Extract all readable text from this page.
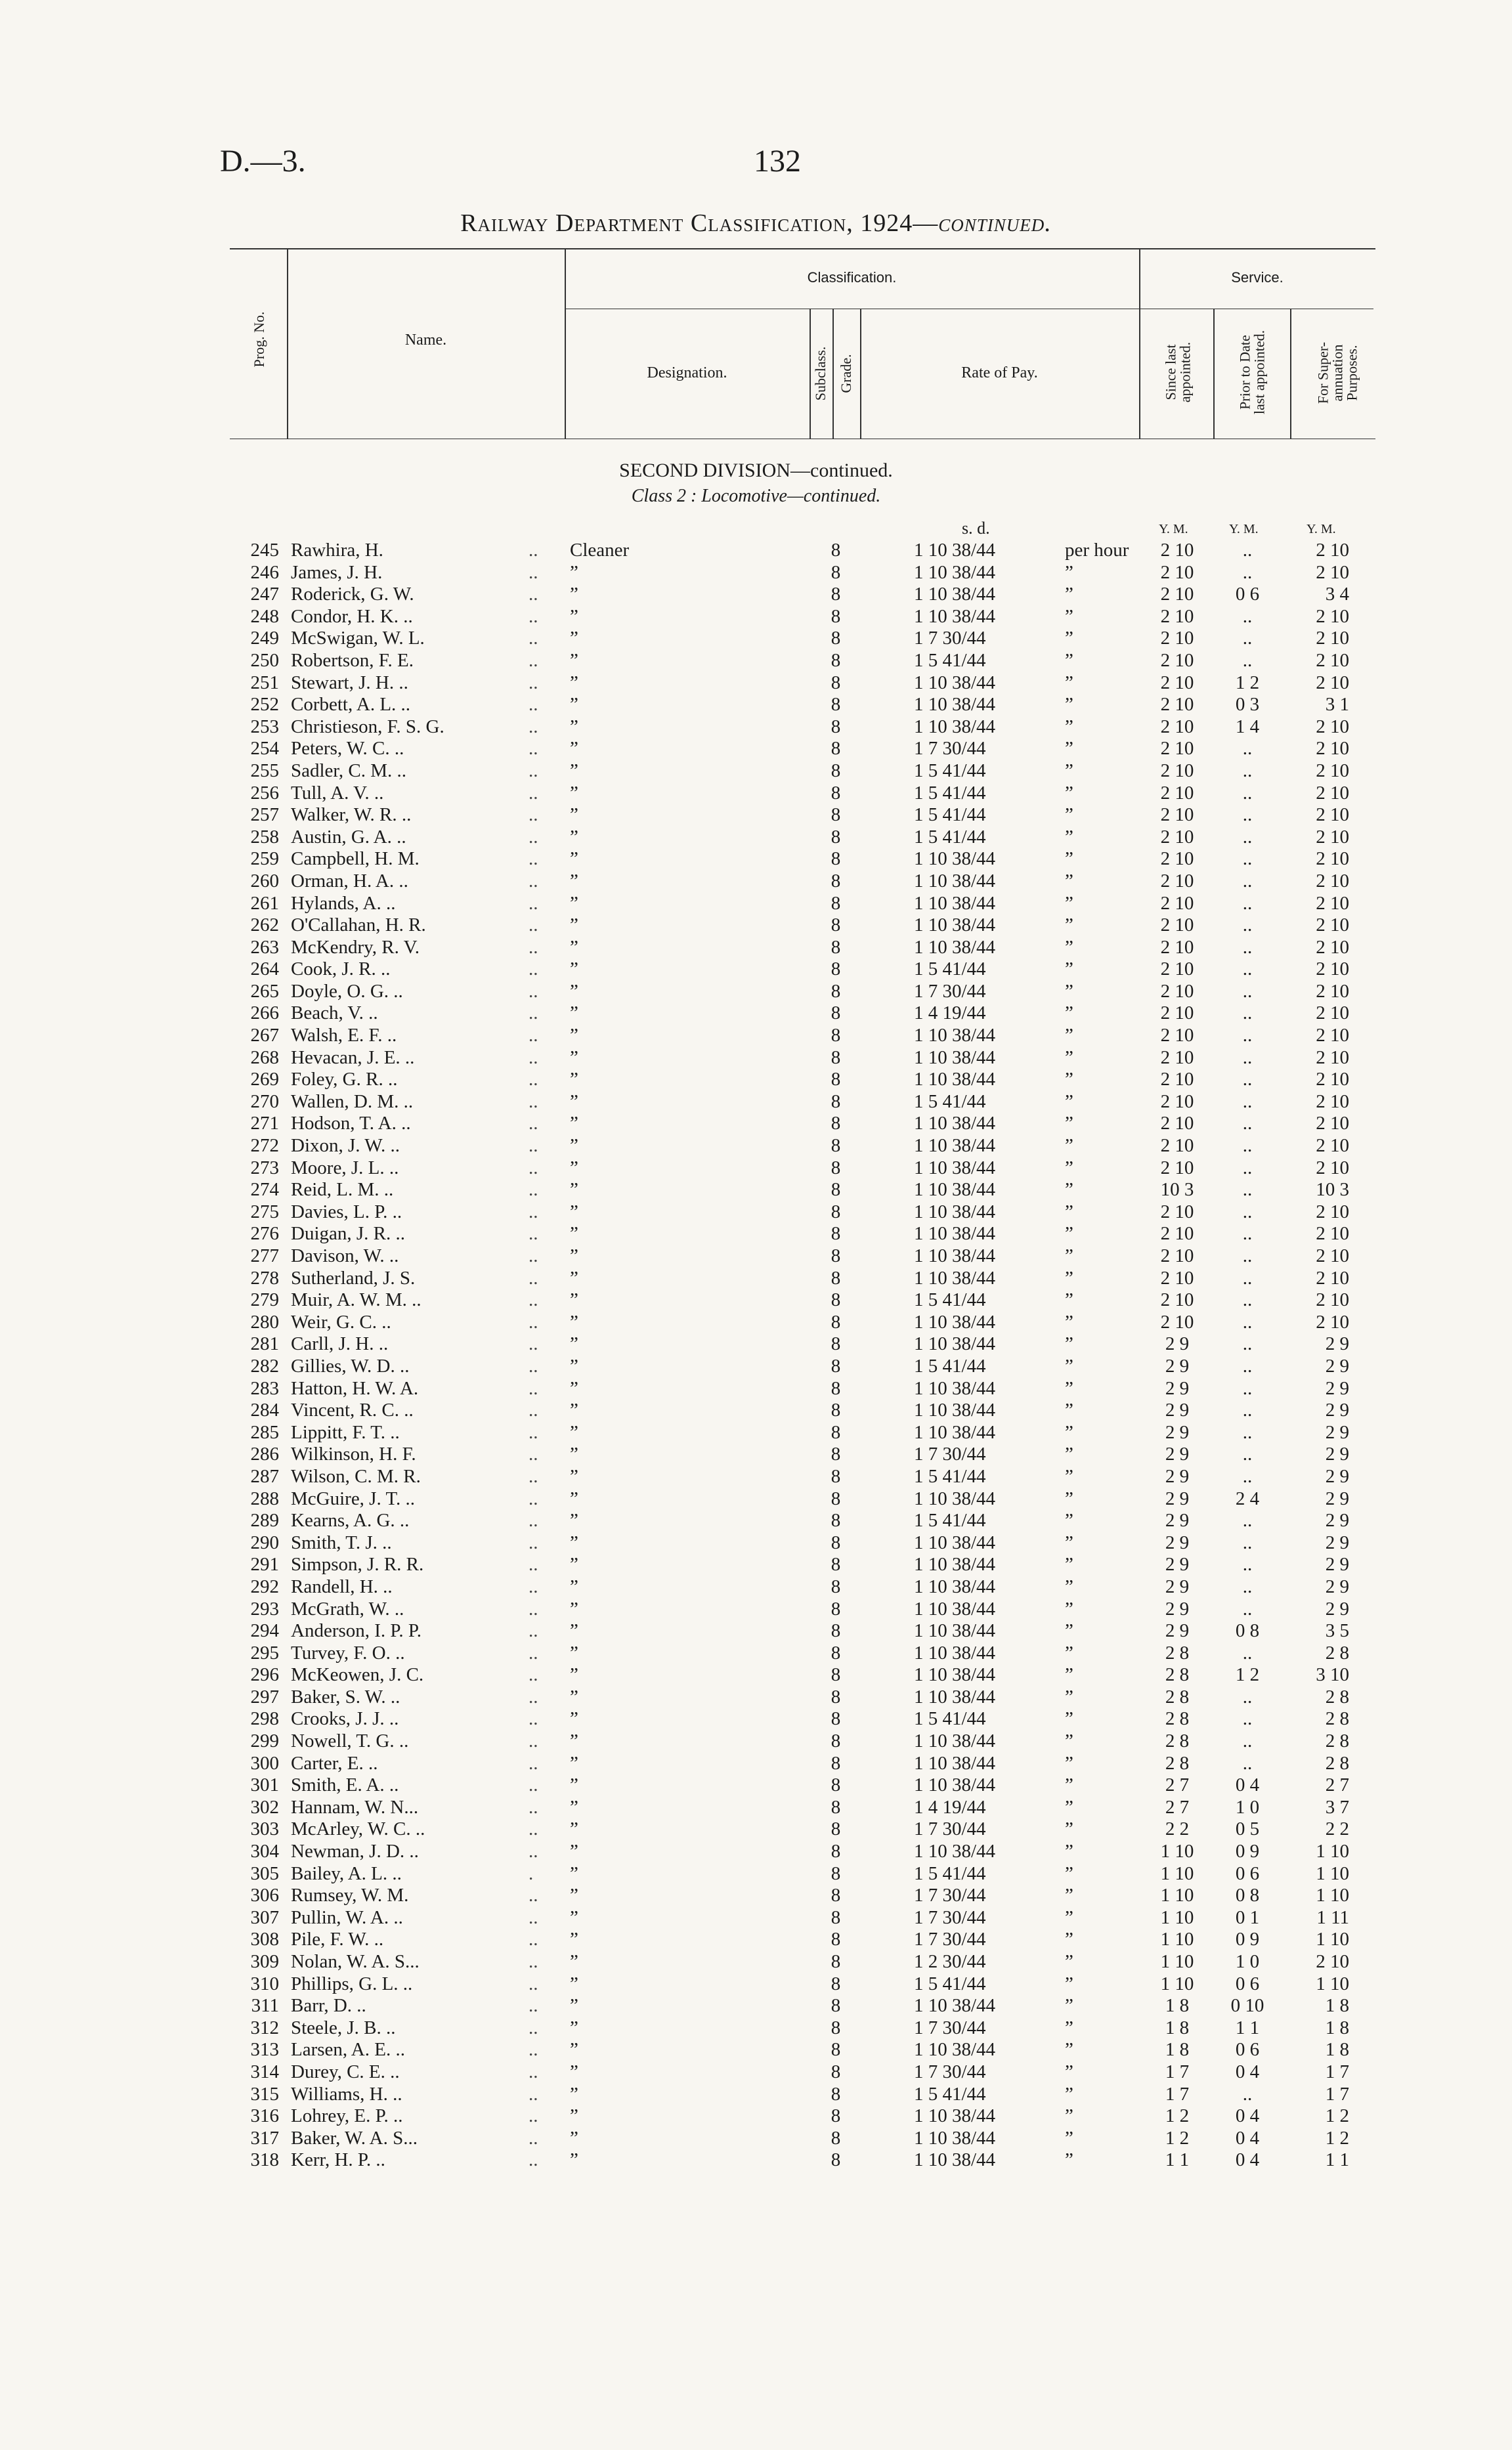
D.—3.	132
Railway Department Classification, 1924—continued.
Prog. No.	Name.
Classification.
Designation.	Subclass. Grade.	Rate of Pay.
Service.
Since last appointed.	Prior to Date last appointed.	For Super-annuation Purposes.
SECOND DIVISION—continued.
Class 2 : Locomotive—continued.
s. d.	Y. M.	Y. M.	Y. M.
245 Rawhira, H.	..	Cleaner	8	1 10 38/44	per hour	2 10	..	2 10
246 James, J. H.	..	”	8	1 10 38/44	”	2 10	..	2 10
247 Roderick, G. W.	..	”	8	1 10 38/44	”	2 10	0 6	3 4
248 Condor, H. K. ..	..	”	8	1 10 38/44	”	2 10	..	2 10
249 McSwigan, W. L.	..	”	8	1 7 30/44	”	2 10	..	2 10
250 Robertson, F. E.	..	”	8	1 5 41/44	”	2 10	..	2 10
251 Stewart, J. H. ..	..	”	8	1 10 38/44	”	2 10	1 2	2 10
252 Corbett, A. L. ..	..	”	8	1 10 38/44	”	2 10	0 3	3 1
253 Christieson, F. S. G.	..	”	8	1 10 38/44	”	2 10	1 4	2 10
254 Peters, W. C. ..	..	”	8	1 7 30/44	”	2 10	..	2 10
255 Sadler, C. M. ..	..	”	8	1 5 41/44	”	2 10	..	2 10
256 Tull, A. V. ..	..	”	8	1 5 41/44	”	2 10	..	2 10
257 Walker, W. R. ..	..	”	8	1 5 41/44	”	2 10	..	2 10
258 Austin, G. A. ..	..	”	8	1 5 41/44	”	2 10	..	2 10
259 Campbell, H. M.	..	”	8	1 10 38/44	”	2 10	..	2 10
260 Orman, H. A. ..	..	”	8	1 10 38/44	”	2 10	..	2 10
261 Hylands, A. ..	..	”	8	1 10 38/44	”	2 10	..	2 10
262 O'Callahan, H. R.	..	”	8	1 10 38/44	”	2 10	..	2 10
263 McKendry, R. V.	..	”	8	1 10 38/44	”	2 10	..	2 10
264 Cook, J. R. ..	..	”	8	1 5 41/44	”	2 10	..	2 10
265 Doyle, O. G. ..	..	”	8	1 7 30/44	”	2 10	..	2 10
266 Beach, V. ..	..	”	8	1 4 19/44	”	2 10	..	2 10
267 Walsh, E. F. ..	..	”	8	1 10 38/44	”	2 10	..	2 10
268 Hevacan, J. E. ..	..	”	8	1 10 38/44	”	2 10	..	2 10
269 Foley, G. R. ..	..	”	8	1 10 38/44	”	2 10	..	2 10
270 Wallen, D. M. ..	..	”	8	1 5 41/44	”	2 10	..	2 10
271 Hodson, T. A. ..	..	”	8	1 10 38/44	”	2 10	..	2 10
272 Dixon, J. W. ..	..	”	8	1 10 38/44	”	2 10	..	2 10
273 Moore, J. L. ..	..	”	8	1 10 38/44	”	2 10	..	2 10
274 Reid, L. M. ..	..	”	8	1 10 38/44	”	10 3	..	10 3
275 Davies, L. P. ..	..	”	8	1 10 38/44	”	2 10	..	2 10
276 Duigan, J. R. ..	..	”	8	1 10 38/44	”	2 10	..	2 10
277 Davison, W. ..	..	”	8	1 10 38/44	”	2 10	..	2 10
278 Sutherland, J. S.	..	”	8	1 10 38/44	”	2 10	..	2 10
279 Muir, A. W. M. ..	..	”	8	1 5 41/44	”	2 10	..	2 10
280 Weir, G. C. ..	..	”	8	1 10 38/44	”	2 10	..	2 10
281 Carll, J. H. ..	..	”	8	1 10 38/44	”	2 9	..	2 9
282 Gillies, W. D. ..	..	”	8	1 5 41/44	”	2 9	..	2 9
283 Hatton, H. W. A.	..	”	8	1 10 38/44	”	2 9	..	2 9
284 Vincent, R. C. ..	..	”	8	1 10 38/44	”	2 9	..	2 9
285 Lippitt, F. T. ..	..	”	8	1 10 38/44	”	2 9	..	2 9
286 Wilkinson, H. F.	..	”	8	1 7 30/44	”	2 9	..	2 9
287 Wilson, C. M. R.	..	”	8	1 5 41/44	”	2 9	..	2 9
288 McGuire, J. T. ..	..	”	8	1 10 38/44	”	2 9	2 4	2 9
289 Kearns, A. G. ..	..	”	8	1 5 41/44	”	2 9	..	2 9
290 Smith, T. J. ..	..	”	8	1 10 38/44	”	2 9	..	2 9
291 Simpson, J. R. R.	..	”	8	1 10 38/44	”	2 9	..	2 9
292 Randell, H. ..	..	”	8	1 10 38/44	”	2 9	..	2 9
293 McGrath, W. ..	..	”	8	1 10 38/44	”	2 9	..	2 9
294 Anderson, I. P. P.	..	”	8	1 10 38/44	”	2 9	0 8	3 5
295 Turvey, F. O. ..	..	”	8	1 10 38/44	”	2 8	..	2 8
296 McKeowen, J. C.	..	”	8	1 10 38/44	”	2 8	1 2	3 10
297 Baker, S. W. ..	..	”	8	1 10 38/44	”	2 8	..	2 8
298 Crooks, J. J. ..	..	”	8	1 5 41/44	”	2 8	..	2 8
299 Nowell, T. G. ..	..	”	8	1 10 38/44	”	2 8	..	2 8
300 Carter, E. ..	..	”	8	1 10 38/44	”	2 8	..	2 8
301 Smith, E. A. ..	..	”	8	1 10 38/44	”	2 7	0 4	2 7
302 Hannam, W. N...	..	”	8	1 4 19/44	”	2 7	1 0	3 7
303 McArley, W. C. ..	..	”	8	1 7 30/44	”	2 2	0 5	2 2
304 Newman, J. D. ..	..	”	8	1 10 38/44	”	1 10	0 9	1 10
305 Bailey, A. L. ..	.	”	8	1 5 41/44	”	1 10	0 6	1 10
306 Rumsey, W. M.	..	”	8	1 7 30/44	”	1 10	0 8	1 10
307 Pullin, W. A. ..	..	”	8	1 7 30/44	”	1 10	0 1	1 11
308 Pile, F. W. ..	..	”	8	1 7 30/44	”	1 10	0 9	1 10
309 Nolan, W. A. S...	..	”	8	1 2 30/44	”	1 10	1 0	2 10
310 Phillips, G. L. ..	..	”	8	1 5 41/44	”	1 10	0 6	1 10
311 Barr, D. ..	..	”	8	1 10 38/44	”	1 8	0 10	1 8
312 Steele, J. B. ..	..	”	8	1 7 30/44	”	1 8	1 1	1 8
313 Larsen, A. E. ..	..	”	8	1 10 38/44	”	1 8	0 6	1 8
314 Durey, C. E. ..	..	”	8	1 7 30/44	”	1 7	0 4	1 7
315 Williams, H. ..	..	”	8	1 5 41/44	”	1 7	..	1 7
316 Lohrey, E. P. ..	..	”	8	1 10 38/44	”	1 2	0 4	1 2
317 Baker, W. A. S...	..	”	8	1 10 38/44	”	1 2	0 4	1 2
318 Kerr, H. P. ..	..	”	8	1 10 38/44	”	1 1	0 4	1 1
